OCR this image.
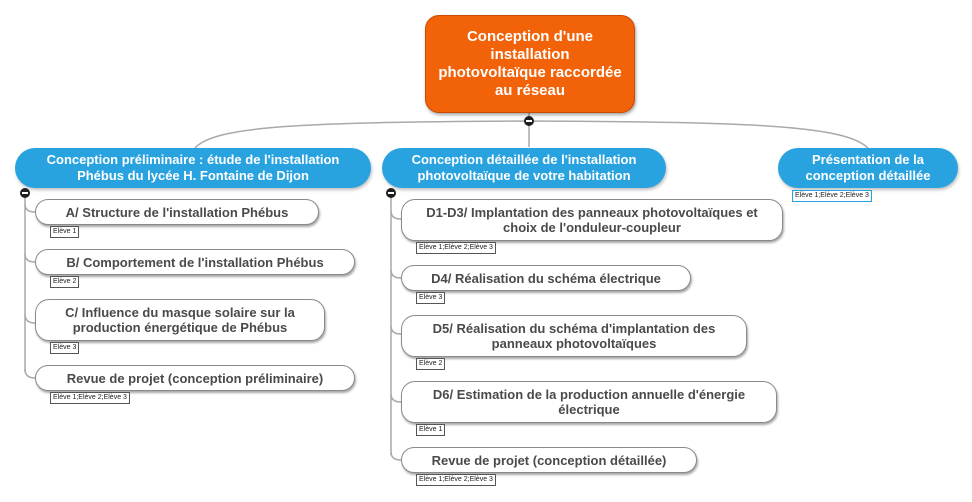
Conception d'une installation photovoltaïque raccordée au réseau
Conception préliminaire : étude de l'installation Phébus du lycée H. Fontaine de Dijon
A/ Structure de l'installation Phébus
Elève 1
B/ Comportement de l'installation Phébus
Elève 2
C/ Influence du masque solaire sur la production énergétique de Phébus
Elève 3
Revue de projet (conception préliminaire)
Elève 1;Elève 2;Elève 3
Conception détaillée de l'installation photovoltaïque de votre habitation
D1-D3/ Implantation des panneaux photovoltaïques et choix de l'onduleur-coupleur
Elève 1;Elève 2;Elève 3
D4/ Réalisation du schéma électrique
Elève 3
D5/ Réalisation du schéma d'implantation des panneaux photovoltaïques
Elève 2
D6/ Estimation de la production annuelle d'énergie électrique
Elève 1
Revue de projet (conception détaillée)
Elève 1;Elève 2;Elève 3
Présentation de la conception détaillée
Elève 1;Elève 2;Elève 3
